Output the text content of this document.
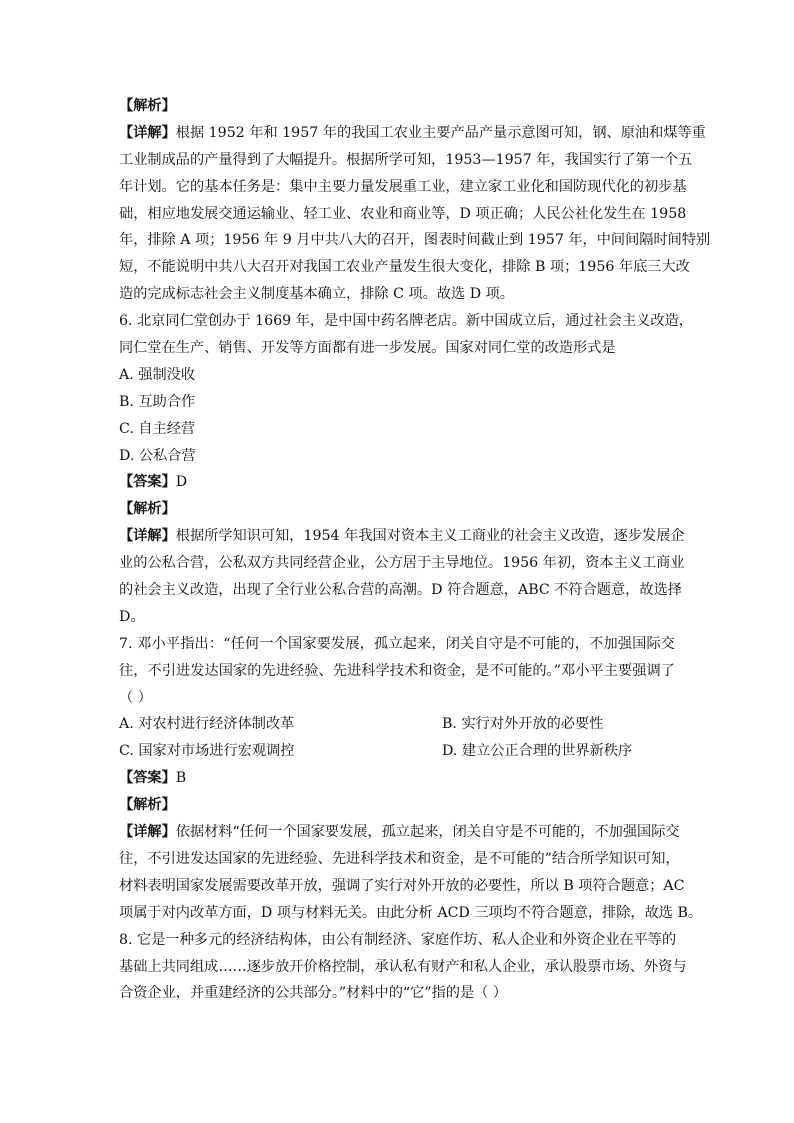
【解析】
【详解】根据 1952 年和 1957 年的我国工农业主要产品产量示意图可知，钢、原油和煤等重
工业制成品的产量得到了大幅提升。根据所学可知，1953—1957 年，我国实行了第一个五
年计划。它的基本任务是：集中主要力量发展重工业，建立家工业化和国防现代化的初步基
础，相应地发展交通运输业、轻工业、农业和商业等，D 项正确；人民公社化发生在 1958
年，排除 A 项；1956 年 9 月中共八大的召开，图表时间截止到 1957 年，中间间隔时间特别
短，不能说明中共八大召开对我国工农业产量发生很大变化，排除 B 项；1956 年底三大改
造的完成标志社会主义制度基本确立，排除 C 项。故选 D 项。
6. 北京同仁堂创办于 1669 年，是中国中药名牌老店。新中国成立后，通过社会主义改造，
同仁堂在生产、销售、开发等方面都有进一步发展。国家对同仁堂的改造形式是
A. 强制没收
B. 互助合作
C. 自主经营
D. 公私合营
【答案】D
【解析】
【详解】根据所学知识可知，1954 年我国对资本主义工商业的社会主义改造，逐步发展企
业的公私合营，公私双方共同经营企业，公方居于主导地位。1956 年初，资本主义工商业
的社会主义改造，出现了全行业公私合营的高潮。D 符合题意，ABC 不符合题意，故选择
D。
7. 邓小平指出：“任何一个国家要发展，孤立起来，闭关自守是不可能的，不加强国际交
往，不引进发达国家的先进经验、先进科学技术和资金，是不可能的。”邓小平主要强调了
（ ）
A. 对农村进行经济体制改革	B. 实行对外开放的必要性
C. 国家对市场进行宏观调控	D. 建立公正合理的世界新秩序
【答案】B
【解析】
【详解】依据材料“任何一个国家要发展，孤立起来，闭关自守是不可能的，不加强国际交
往，不引进发达国家的先进经验、先进科学技术和资金，是不可能的”结合所学知识可知，
材料表明国家发展需要改革开放，强调了实行对外开放的必要性，所以 B 项符合题意；AC
项属于对内改革方面，D 项与材料无关。由此分析 ACD 三项均不符合题意，排除，故选 B。
8. 它是一种多元的经济结构体，由公有制经济、家庭作坊、私人企业和外资企业在平等的
基础上共同组成……逐步放开价格控制，承认私有财产和私人企业，承认股票市场、外资与
合资企业，并重建经济的公共部分。”材料中的“它”指的是（ ）
